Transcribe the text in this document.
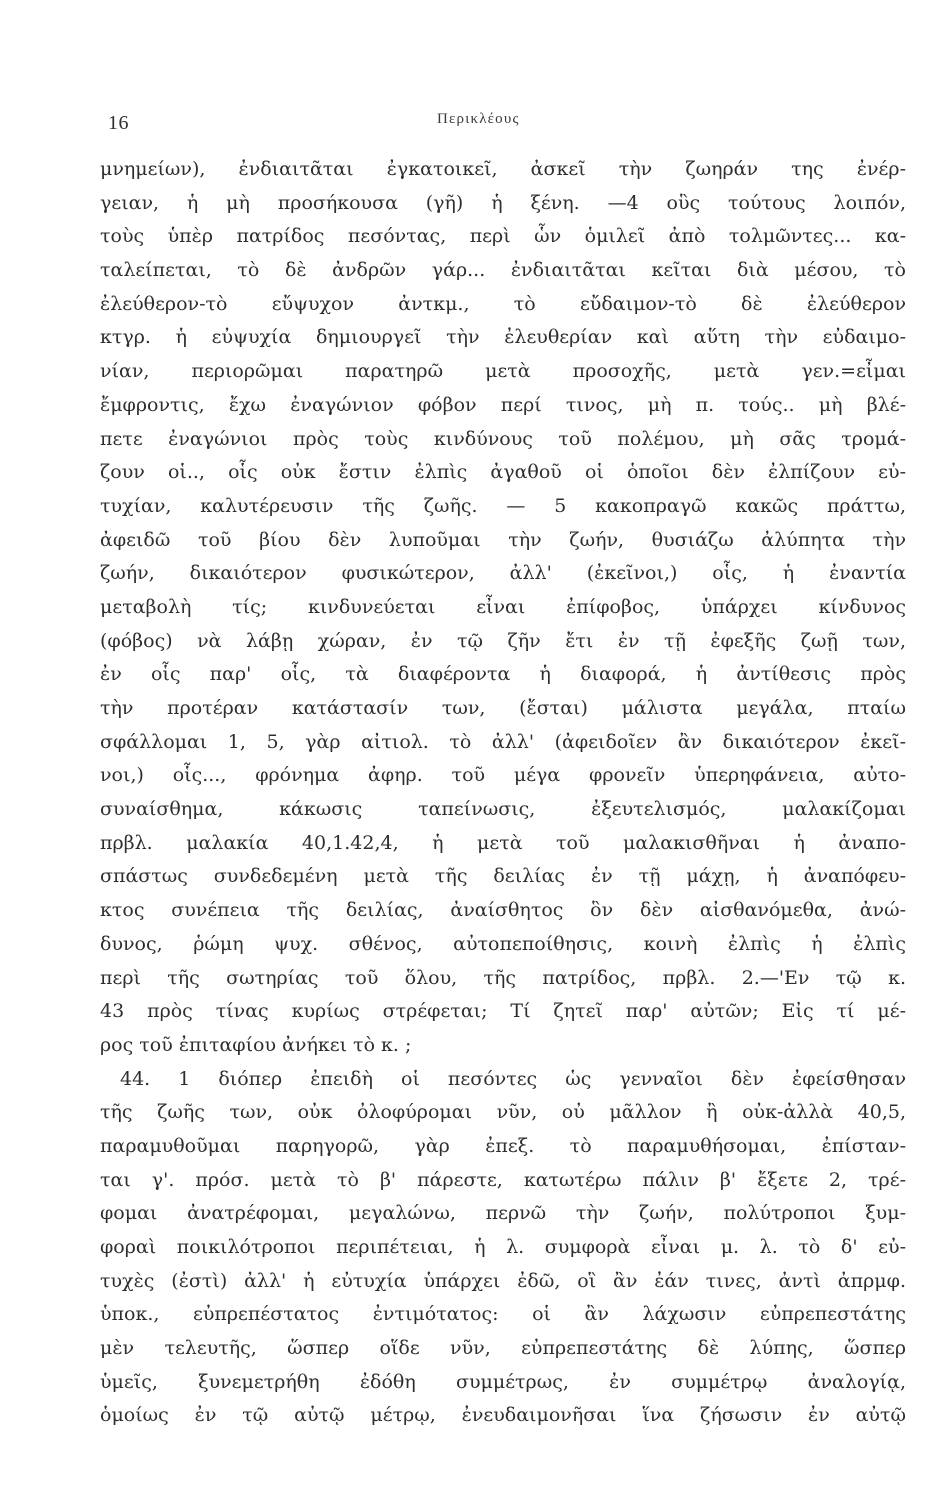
16	Περικλέους
μνημείων), ἐνδιαιτᾶται ἐγκατοικεῖ, ἀσκεῖ τὴν ζωηράν της ἐνέρ-
γειαν, ἡ μὴ προσήκουσα (γῆ) ἡ ξένη. —4 οὓς τούτους λοιπόν,
τοὺς ὑπὲρ πατρίδος πεσόντας, περὶ ὧν ὁμιλεῖ ἀπὸ τολμῶντες... κα-
ταλείπεται, τὸ δὲ ἀνδρῶν γάρ... ἐνδιαιτᾶται κεῖται διὰ μέσου, τὸ
ἐλεύθερον-τὸ εὔψυχον ἀντκμ., τὸ εὔδαιμον-τὸ δὲ ἐλεύθερον
κτγρ. ἡ εὐψυχία δημιουργεῖ τὴν ἐλευθερίαν καὶ αὕτη τὴν εὐδαιμο-
νίαν, περιορῶμαι παρατηρῶ μετὰ προσοχῆς, μετὰ γεν.=εἶμαι
ἔμφροντις, ἔχω ἐναγώνιον φόβον περί τινος, μὴ π. τούς.. μὴ βλέ-
πετε ἐναγώνιοι πρὸς τοὺς κινδύνους τοῦ πολέμου, μὴ σᾶς τρομά-
ζουν οἱ.., οἷς οὐκ ἔστιν ἐλπὶς ἀγαθοῦ οἱ ὁποῖοι δὲν ἐλπίζουν εὐ-
τυχίαν, καλυτέρευσιν τῆς ζωῆς. — 5 κακοπραγῶ κακῶς πράττω,
ἀφειδῶ τοῦ βίου δὲν λυποῦμαι τὴν ζωήν, θυσιάζω ἀλύπητα τὴν
ζωήν, δικαιότερον φυσικώτερον, ἀλλ' (ἐκεῖνοι,) οἷς, ἡ ἐναντία
μεταβολὴ τίς; κινδυνεύεται εἶναι ἐπίφοβος, ὑπάρχει κίνδυνος
(φόβος) νὰ λάβῃ χώραν, ἐν τῷ ζῆν ἔτι ἐν τῇ ἐφεξῆς ζωῇ των,
ἐν οἷς παρ' οἷς, τὰ διαφέροντα ἡ διαφορά, ἡ ἀντίθεσις πρὸς
τὴν προτέραν κατάστασίν των, (ἔσται) μάλιστα μεγάλα, πταίω
σφάλλομαι 1, 5, γὰρ αἰτιολ. τὸ ἀλλ' (ἀφειδοῖεν ἂν δικαιότερον ἐκεῖ-
νοι,) οἷς..., φρόνημα ἀφηρ. τοῦ μέγα φρονεῖν ὑπερηφάνεια, αὐτο-
συναίσθημα, κάκωσις ταπείνωσις, ἐξευτελισμός, μαλακίζομαι
πρβλ. μαλακία 40,1.42,4, ἡ μετὰ τοῦ μαλακισθῆναι ἡ ἀναπο-
σπάστως συνδεδεμένη μετὰ τῆς δειλίας ἐν τῇ μάχῃ, ἡ ἀναπόφευ-
κτος συνέπεια τῆς δειλίας, ἀναίσθητος ὃν δὲν αἰσθανόμεθα, ἀνώ-
δυνος, ῥώμη ψυχ. σθένος, αὐτοπεποίθησις, κοινὴ ἐλπὶς ἡ ἐλπὶς
περὶ τῆς σωτηρίας τοῦ ὅλου, τῆς πατρίδος, πρβλ. 2.—'Εν τῷ κ.
43 πρὸς τίνας κυρίως στρέφεται; Τί ζητεῖ παρ' αὐτῶν; Εἰς τί μέ-
ρος τοῦ ἐπιταφίου ἀνήκει τὸ κ. ;
44. 1 διόπερ ἐπειδὴ οἱ πεσόντες ὡς γενναῖοι δὲν ἐφείσθησαν
τῆς ζωῆς των, οὐκ ὀλοφύρομαι νῦν, οὐ μᾶλλον ἢ οὐκ-ἀλλὰ 40,5,
παραμυθοῦμαι παρηγορῶ, γὰρ ἐπεξ. τὸ παραμυθήσομαι, ἐπίσταν-
ται γ'. πρόσ. μετὰ τὸ β' πάρεστε, κατωτέρω πάλιν β' ἔξετε 2, τρέ-
φομαι ἀνατρέφομαι, μεγαλώνω, περνῶ τὴν ζωήν, πολύτροποι ξυμ-
φοραὶ ποικιλότροποι περιπέτειαι, ἡ λ. συμφορὰ εἶναι μ. λ. τὸ δ' εὐ-
τυχὲς (ἐστὶ) ἀλλ' ἡ εὐτυχία ὑπάρχει ἐδῶ, οἳ ἂν ἐάν τινες, ἀντὶ ἀπρμφ.
ὑποκ., εὐπρεπέστατος ἐντιμότατος: οἱ ἂν λάχωσιν εὐπρεπεστάτης
μὲν τελευτῆς, ὥσπερ οἵδε νῦν, εὐπρεπεστάτης δὲ λύπης, ὥσπερ
ὑμεῖς, ξυνεμετρήθη ἐδόθη συμμέτρως, ἐν συμμέτρῳ ἀναλογίᾳ,
ὁμοίως ἐν τῷ αὐτῷ μέτρῳ, ἐνευδαιμονῆσαι ἵνα ζήσωσιν ἐν αὐτῷ
